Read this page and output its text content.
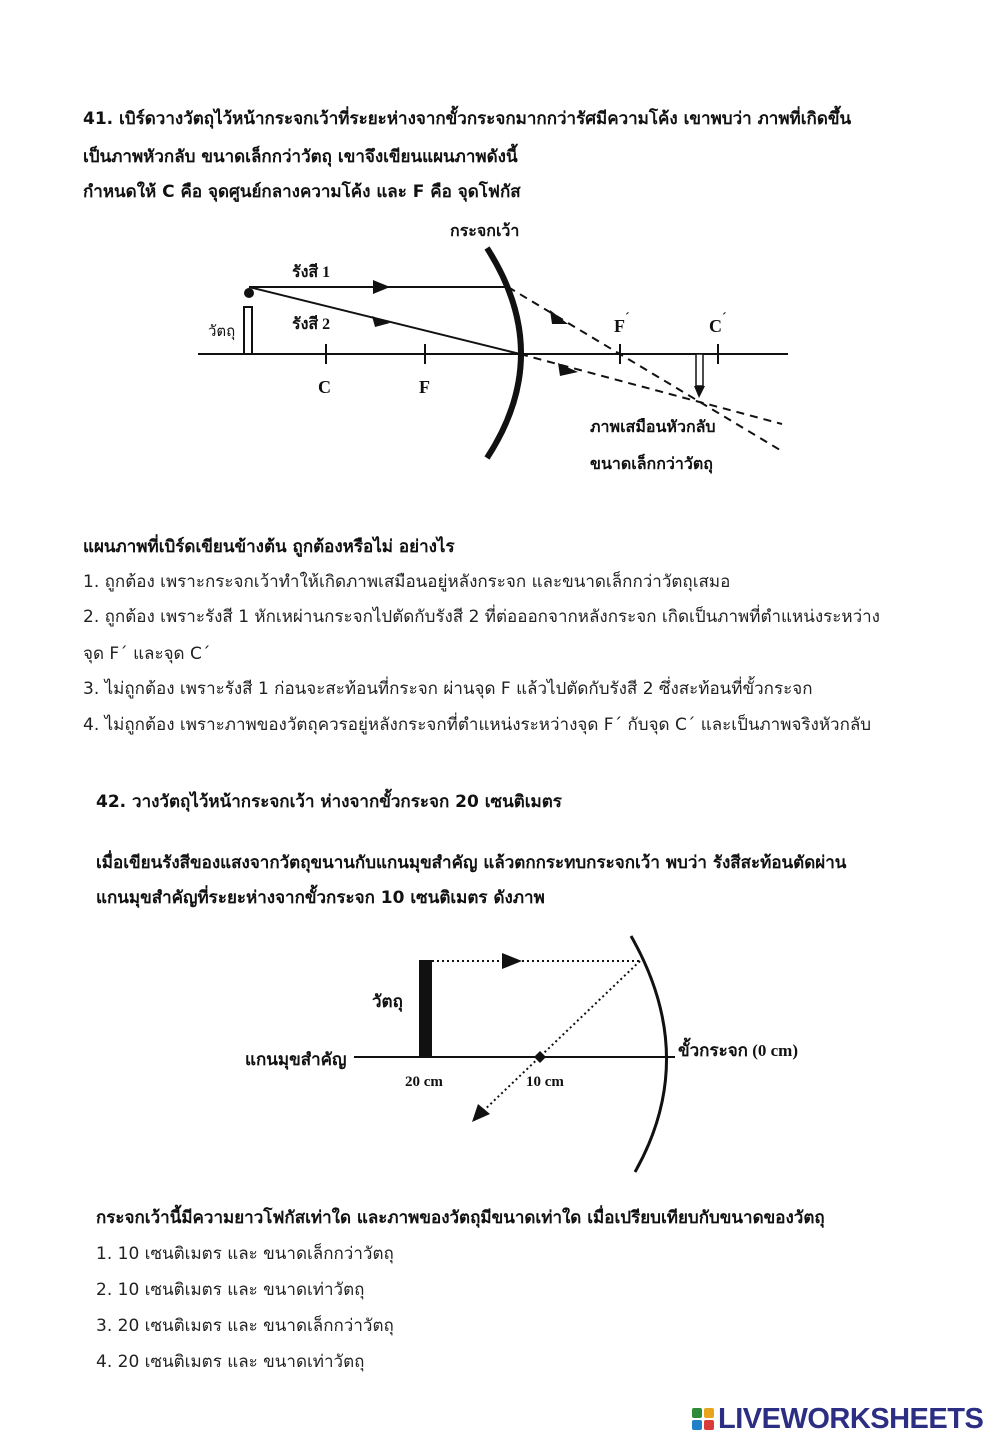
41. เบิร์ดวางวัตถุไว้หน้ากระจกเว้าที่ระยะห่างจากขั้วกระจกมากกว่ารัศมีความโค้ง เขาพบว่า ภาพที่เกิดขึ้น
เป็นภาพหัวกลับ ขนาดเล็กกว่าวัตถุ เขาจึงเขียนแผนภาพดังนี้
กำหนดให้ C คือ จุดศูนย์กลางความโค้ง และ F คือ จุดโฟกัส
กระจกเว้า
รังสี 1
รังสี 2
วัตถุ
C	F
F´	C´
ภาพเสมือนหัวกลับ
ขนาดเล็กกว่าวัตถุ
แผนภาพที่เบิร์ดเขียนข้างต้น ถูกต้องหรือไม่ อย่างไร
1. ถูกต้อง เพราะกระจกเว้าทำให้เกิดภาพเสมือนอยู่หลังกระจก และขนาดเล็กกว่าวัตถุเสมอ
2. ถูกต้อง เพราะรังสี 1 หักเหผ่านกระจกไปตัดกับรังสี 2 ที่ต่อออกจากหลังกระจก เกิดเป็นภาพที่ตำแหน่งระหว่าง
จุด F´ และจุด C´
3. ไม่ถูกต้อง เพราะรังสี 1 ก่อนจะสะท้อนที่กระจก ผ่านจุด F แล้วไปตัดกับรังสี 2 ซึ่งสะท้อนที่ขั้วกระจก
4. ไม่ถูกต้อง เพราะภาพของวัตถุควรอยู่หลังกระจกที่ตำแหน่งระหว่างจุด F´ กับจุด C´ และเป็นภาพจริงหัวกลับ
42. วางวัตถุไว้หน้ากระจกเว้า ห่างจากขั้วกระจก 20 เซนติเมตร
เมื่อเขียนรังสีของแสงจากวัตถุขนานกับแกนมุขสำคัญ แล้วตกกระทบกระจกเว้า พบว่า รังสีสะท้อนตัดผ่าน
แกนมุขสำคัญที่ระยะห่างจากขั้วกระจก 10 เซนติเมตร ดังภาพ
วัตถุ
แกนมุขสำคัญ	ขั้วกระจก (0 cm)
20 cm	10 cm
กระจกเว้านี้มีความยาวโฟกัสเท่าใด และภาพของวัตถุมีขนาดเท่าใด เมื่อเปรียบเทียบกับขนาดของวัตถุ
1. 10 เซนติเมตร และ ขนาดเล็กกว่าวัตถุ
2. 10 เซนติเมตร และ ขนาดเท่าวัตถุ
3. 20 เซนติเมตร และ ขนาดเล็กกว่าวัตถุ
4. 20 เซนติเมตร และ ขนาดเท่าวัตถุ
LIVEWORKSHEETS
